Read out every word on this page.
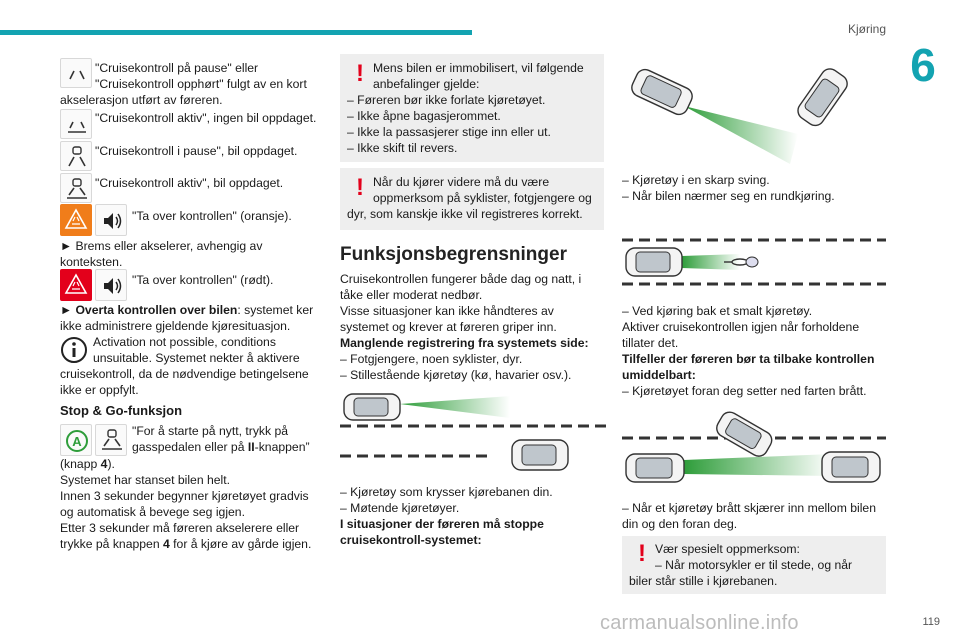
Kjøring
6
"Cruisekontroll på pause" eller
"Cruisekontroll opphørt" fulgt av en kort
akselerasjon utført av føreren.
"Cruisekontroll aktiv", ingen bil oppdaget.
"Cruisekontroll i pause", bil oppdaget.
"Cruisekontroll aktiv", bil oppdaget.
"Ta over kontrollen" (oransje).
► Brems eller akselerer, avhengig av
konteksten.
"Ta over kontrollen" (rødt).
► Overta kontrollen over bilen: systemet ker
ikke administrere gjeldende kjøresituasjon.
Activation not possible, conditions
unsuitable. Systemet nekter å aktivere
cruisekontroll, da de nødvendige betingelsene
ikke er oppfylt.
Stop & Go-funksjon
A
"For å starte på nytt, trykk på
gasspedalen eller på II-knappen”
(knapp 4).
Systemet har stanset bilen helt.
Innen 3 sekunder begynner kjøretøyet gradvis
og automatisk å bevege seg igjen.
Etter 3 sekunder må føreren akselerere eller
trykke på knappen 4 for å kjøre av gårde igjen.
! Mens bilen er immobilisert, vil følgende
anbefalinger gjelde:
– Føreren bør ikke forlate kjøretøyet.
– Ikke åpne bagasjerommet.
– Ikke la passasjerer stige inn eller ut.
– Ikke skift til revers.
! Når du kjører videre må du være
oppmerksom på syklister, fotgjengere og
dyr, som kanskje ikke vil registreres korrekt.
Funksjonsbegrensninger
Cruisekontrollen fungerer både dag og natt, i
tåke eller moderat nedbør.
Visse situasjoner kan ikke håndteres av
systemet og krever at føreren griper inn.
Manglende registrering fra systemets side:
– Fotgjengere, noen syklister, dyr.
– Stillestående kjøretøy (kø, havarier osv.).
– Kjøretøy som krysser kjørebanen din.
– Møtende kjøretøyer.
I situasjoner der føreren må stoppe
cruisekontroll-systemet:
– Kjøretøy i en skarp sving.
– Når bilen nærmer seg en rundkjøring.
– Ved kjøring bak et smalt kjøretøy.
Aktiver cruisekontrollen igjen når forholdene
tillater det.
Tilfeller der føreren bør ta tilbake kontrollen
umiddelbart:
– Kjøretøyet foran deg setter ned farten brått.
– Når et kjøretøy brått skjærer inn mellom bilen
din og den foran deg.
! Vær spesielt oppmerksom:
– Når motorsykler er til stede, og når
biler står stille i kjørebanen.
carmanualsonline.info	119
